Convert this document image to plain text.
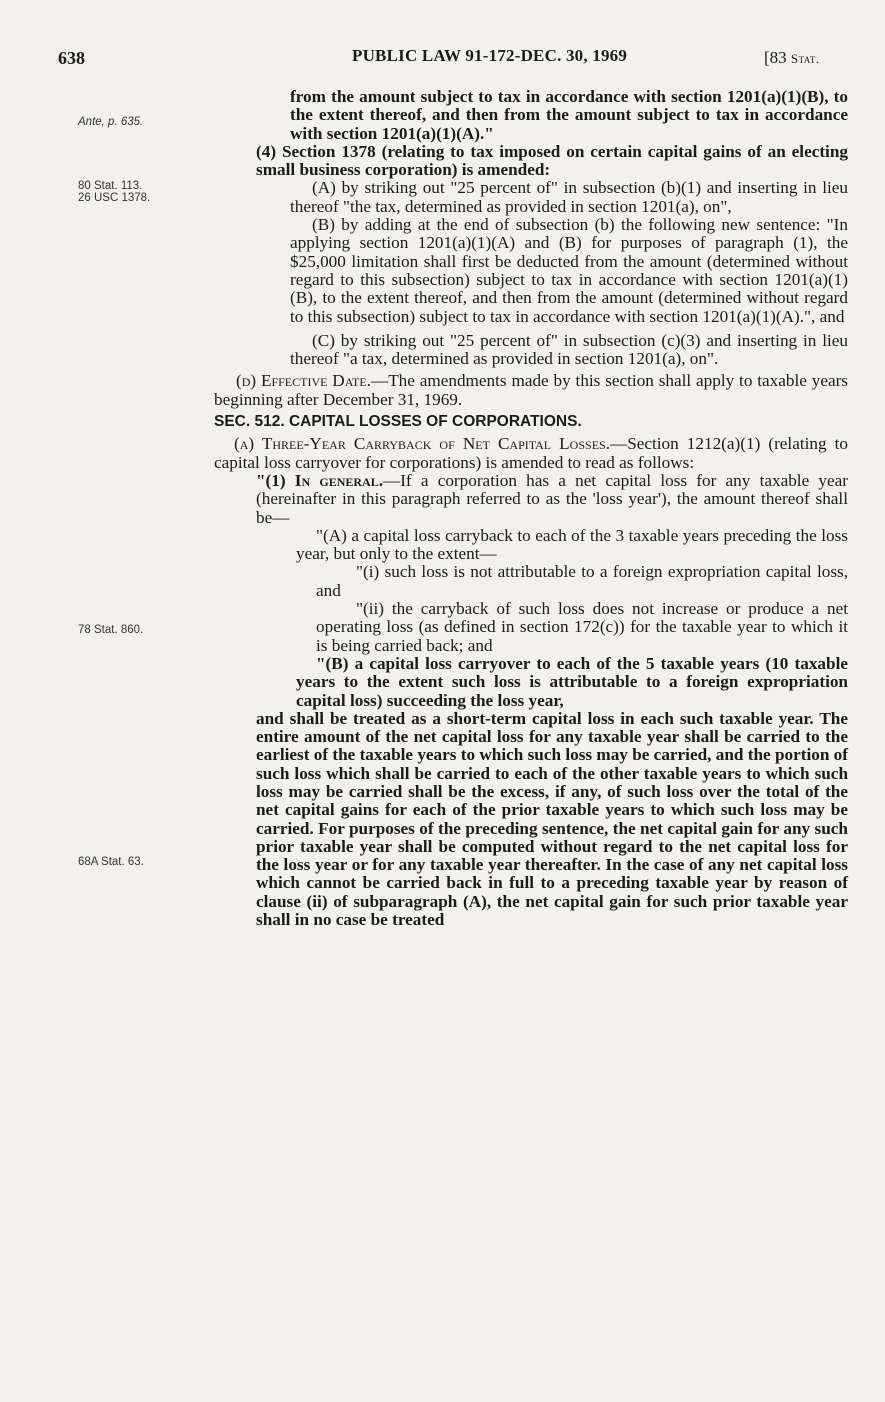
638	PUBLIC LAW 91-172-DEC. 30, 1969	[83 Stat.
Ante, p. 635.
80 Stat. 113.
26 USC 1378.
78 Stat. 860.
68A Stat. 63.

from the amount subject to tax in accordance with section 1201(a)(1)(B), to the extent thereof, and then from the amount subject to tax in accordance with section 1201(a)(1)(A)."

(4) Section 1378 (relating to tax imposed on certain capital gains of an electing small business corporation) is amended:

(A) by striking out "25 percent of" in subsection (b)(1) and inserting in lieu thereof "the tax, determined as provided in section 1201(a), on",

(B) by adding at the end of subsection (b) the following new sentence: "In applying section 1201(a)(1)(A) and (B) for purposes of paragraph (1), the $25,000 limitation shall first be deducted from the amount (determined without regard to this subsection) subject to tax in accordance with section 1201(a)(1)(B), to the extent thereof, and then from the amount (determined without regard to this subsection) subject to tax in accordance with section 1201(a)(1)(A).", and

(C) by striking out "25 percent of" in subsection (c)(3) and inserting in lieu thereof "a tax, determined as provided in section 1201(a), on".

(d) Effective Date.—The amendments made by this section shall apply to taxable years beginning after December 31, 1969.

SEC. 512. CAPITAL LOSSES OF CORPORATIONS.

(a) Three-Year Carryback of Net Capital Losses.—Section 1212(a)(1) (relating to capital loss carryover for corporations) is amended to read as follows:

"(1) In general.—If a corporation has a net capital loss for any taxable year (hereinafter in this paragraph referred to as the 'loss year'), the amount thereof shall be—

"(A) a capital loss carryback to each of the 3 taxable years preceding the loss year, but only to the extent—

"(i) such loss is not attributable to a foreign expropriation capital loss, and

"(ii) the carryback of such loss does not increase or produce a net operating loss (as defined in section 172(c)) for the taxable year to which it is being carried back; and

"(B) a capital loss carryover to each of the 5 taxable years (10 taxable years to the extent such loss is attributable to a foreign expropriation capital loss) succeeding the loss year,

and shall be treated as a short-term capital loss in each such taxable year. The entire amount of the net capital loss for any taxable year shall be carried to the earliest of the taxable years to which such loss may be carried, and the portion of such loss which shall be carried to each of the other taxable years to which such loss may be carried shall be the excess, if any, of such loss over the total of the net capital gains for each of the prior taxable years to which such loss may be carried. For purposes of the preceding sentence, the net capital gain for any such prior taxable year shall be computed without regard to the net capital loss for the loss year or for any taxable year thereafter. In the case of any net capital loss which cannot be carried back in full to a preceding taxable year by reason of clause (ii) of subparagraph (A), the net capital gain for such prior taxable year shall in no case be treated
